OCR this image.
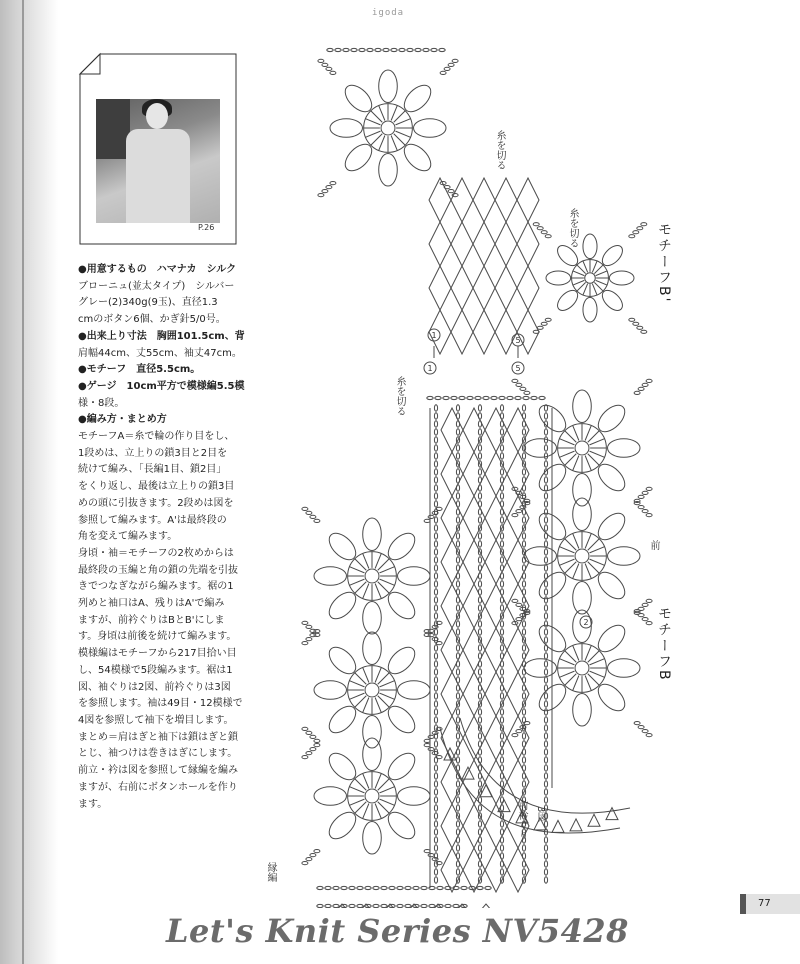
igoda
P.26
●用意するもの　ハマナカ　シルク
ブローニュ(並太タイプ)　シルバー
グレー(2)340g(9玉)、直径1.3
cmのボタン6個、かぎ針5/0号。
●出来上り寸法　胸囲101.5cm、背
肩幅44cm、丈55cm、袖丈47cm。
●モチーフ　直径5.5cm。
●ゲージ　10cm平方で模様編5.5模
様・8段。
●編み方・まとめ方
モチーフA＝糸で輪の作り目をし、
1段めは、立上りの鎖3目と2目を
続けて編み、「長編1目、鎖2目」
をくり返し、最後は立上りの鎖3目
めの頭に引抜きます。2段めは図を
参照して編みます。A'は最終段の
角を変えて編みます。
身頃・袖＝モチーフの2枚めからは
最終段の玉編と角の鎖の先端を引抜
きでつなぎながら編みます。裾の1
列めと袖口はA、残りはA'で編み
ますが、前衿ぐりはBとB'にしま
す。身頃は前後を続けて編みます。
模様編はモチーフから217目拾い目
し、54模様で5段編みます。裾は1
図、袖ぐりは2図、前衿ぐりは3図
を参照します。袖は49目・12模様で
4図を参照して袖下を増目します。
まとめ＝肩はぎと袖下は鎖はぎと鎖
とじ、袖つけは巻きはぎにします。
前立・衿は図を参照して縁編を編み
ますが、右前にボタンホールを作り
ます。
1
5
1	5
2
モチーフB'
モチーフB
前
3図
前衿ぐり
縁編
糸を切る
糸を切る
糸を切る
77
Let's Knit Series NV5428
